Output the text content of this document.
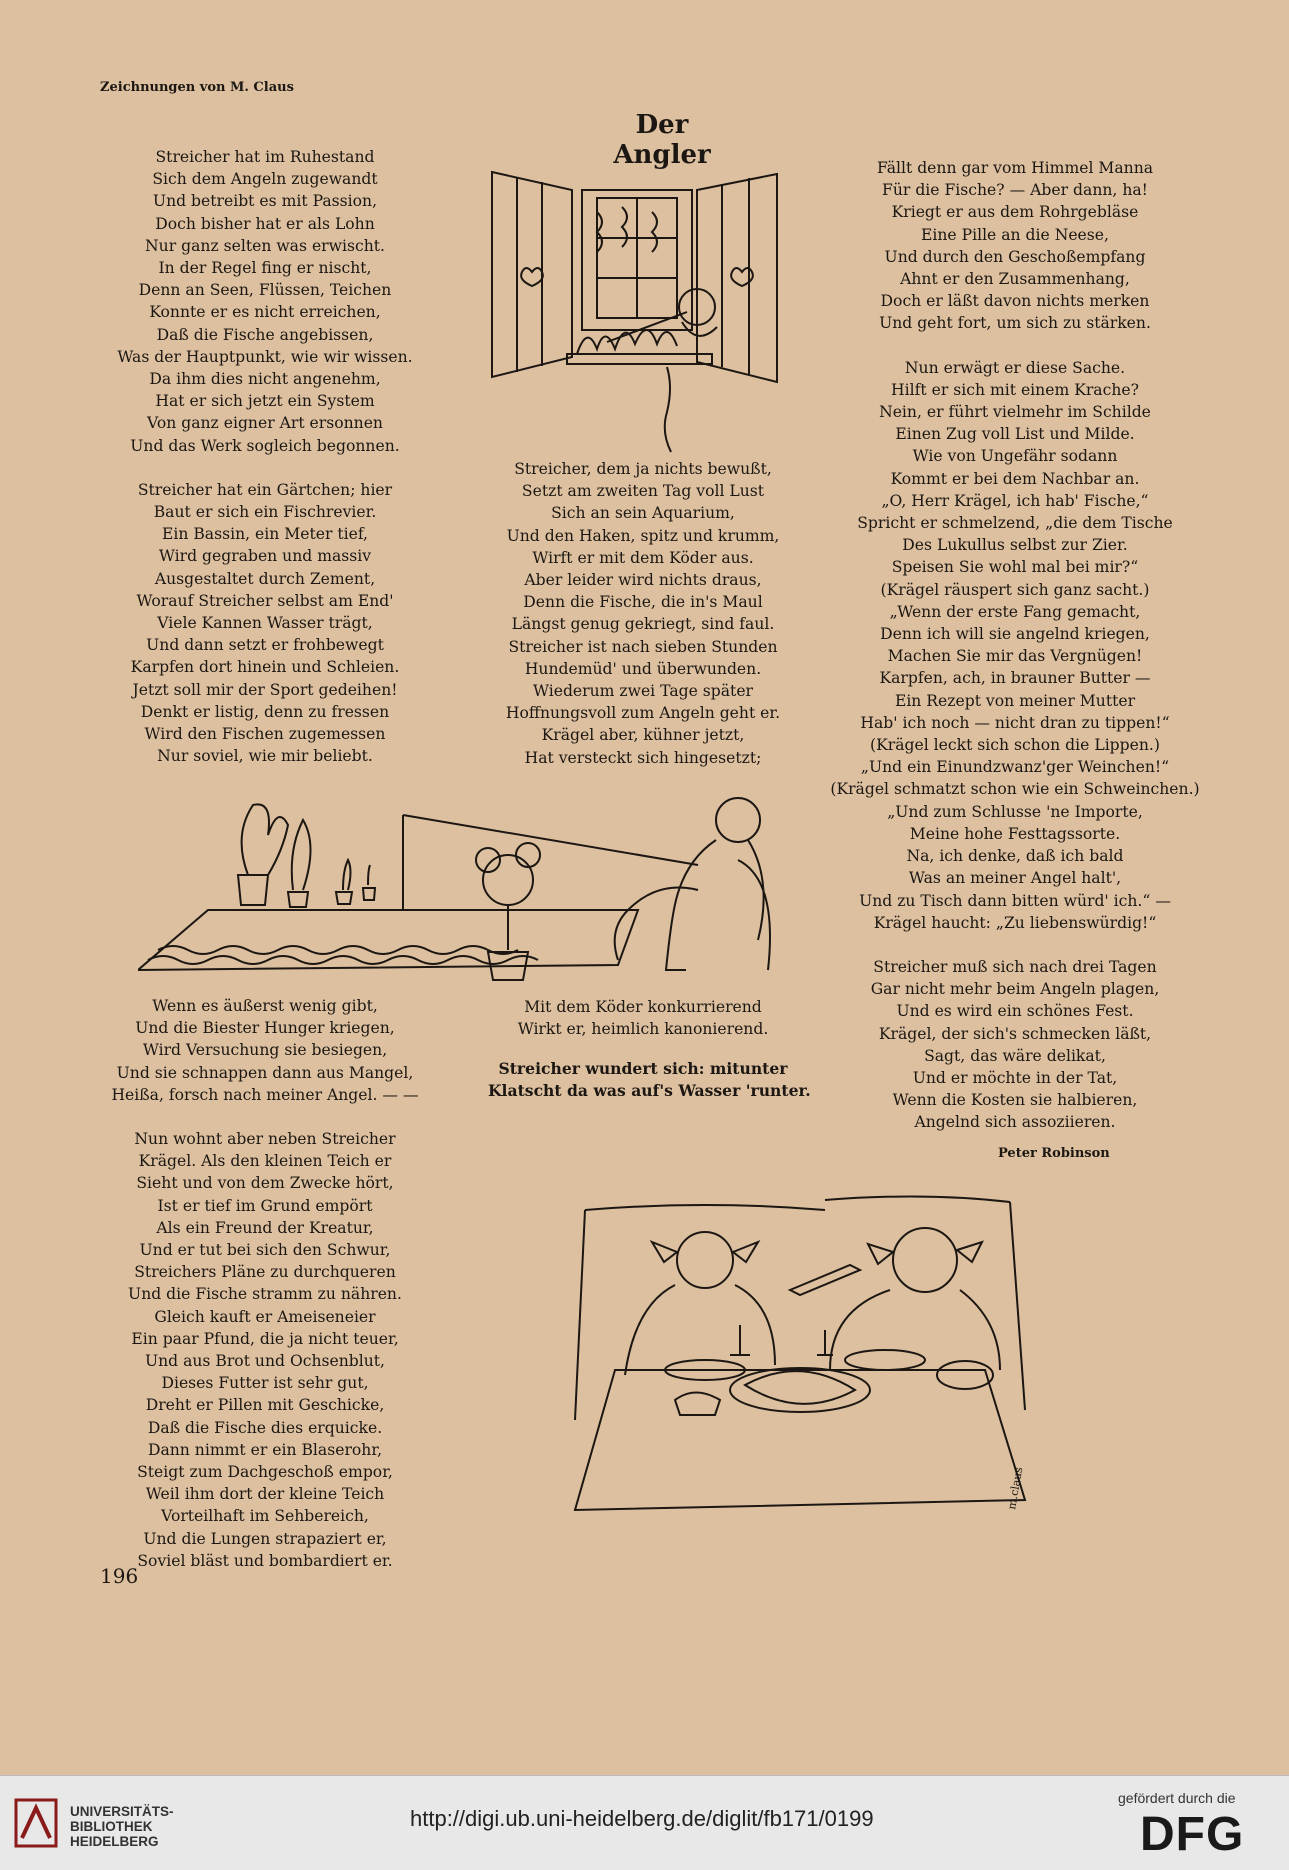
Zeichnungen von M. Claus
Der Angler
Streicher hat im Ruhestand
Sich dem Angeln zugewandt
Und betreibt es mit Passion,
Doch bisher hat er als Lohn
Nur ganz selten was erwischt.
In der Regel fing er nischt,
Denn an Seen, Flüssen, Teichen
Konnte er es nicht erreichen,
Daß die Fische angebissen,
Was der Hauptpunkt, wie wir wissen.
Da ihm dies nicht angenehm,
Hat er sich jetzt ein System
Von ganz eigner Art ersonnen
Und das Werk sogleich begonnen.
Streicher hat ein Gärtchen; hier
Baut er sich ein Fischrevier.
Ein Bassin, ein Meter tief,
Wird gegraben und massiv
Ausgestaltet durch Zement,
Worauf Streicher selbst am End'
Viele Kannen Wasser trägt,
Und dann setzt er frohbewegt
Karpfen dort hinein und Schleien.
Jetzt soll mir der Sport gedeihen!
Denkt er listig, denn zu fressen
Wird den Fischen zugemessen
Nur soviel, wie mir beliebt.
Streicher, dem ja nichts bewußt,
Setzt am zweiten Tag voll Lust
Sich an sein Aquarium,
Und den Haken, spitz und krumm,
Wirft er mit dem Köder aus.
Aber leider wird nichts draus,
Denn die Fische, die in's Maul
Längst genug gekriegt, sind faul.
Streicher ist nach sieben Stunden
Hundemüd' und überwunden.
Wiederum zwei Tage später
Hoffnungsvoll zum Angeln geht er.
Krägel aber, kühner jetzt,
Hat versteckt sich hingesetzt;
Fällt denn gar vom Himmel Manna
Für die Fische? — Aber dann, ha!
Kriegt er aus dem Rohrgebläse
Eine Pille an die Neese,
Und durch den Geschoßempfang
Ahnt er den Zusammenhang,
Doch er läßt davon nichts merken
Und geht fort, um sich zu stärken.
Nun erwägt er diese Sache.
Hilft er sich mit einem Krache?
Nein, er führt vielmehr im Schilde
Einen Zug voll List und Milde.
Wie von Ungefähr sodann
Kommt er bei dem Nachbar an.
„O, Herr Krägel, ich hab' Fische,“
Spricht er schmelzend, „die dem Tische
Des Lukullus selbst zur Zier.
Speisen Sie wohl mal bei mir?“
(Krägel räuspert sich ganz sacht.)
„Wenn der erste Fang gemacht,
Denn ich will sie angelnd kriegen,
Machen Sie mir das Vergnügen!
Karpfen, ach, in brauner Butter —
Ein Rezept von meiner Mutter
Hab' ich noch — nicht dran zu tippen!“
(Krägel leckt sich schon die Lippen.)
„Und ein Einundzwanz'ger Weinchen!“
(Krägel schmatzt schon wie ein Schweinchen.)
„Und zum Schlusse 'ne Importe,
Meine hohe Festtagssorte.
Na, ich denke, daß ich bald
Was an meiner Angel halt',
Und zu Tisch dann bitten würd' ich.“ —
Krägel haucht: „Zu liebenswürdig!“
Streicher muß sich nach drei Tagen
Gar nicht mehr beim Angeln plagen,
Und es wird ein schönes Fest.
Krägel, der sich's schmecken läßt,
Sagt, das wäre delikat,
Und er möchte in der Tat,
Wenn die Kosten sie halbieren,
Angelnd sich assoziieren.
Wenn es äußerst wenig gibt,
Und die Biester Hunger kriegen,
Wird Versuchung sie besiegen,
Und sie schnappen dann aus Mangel,
Heißa, forsch nach meiner Angel. — —
Nun wohnt aber neben Streicher
Krägel. Als den kleinen Teich er
Sieht und von dem Zwecke hört,
Ist er tief im Grund empört
Als ein Freund der Kreatur,
Und er tut bei sich den Schwur,
Streichers Pläne zu durchqueren
Und die Fische stramm zu nähren.
Gleich kauft er Ameiseneier
Ein paar Pfund, die ja nicht teuer,
Und aus Brot und Ochsenblut,
Dieses Futter ist sehr gut,
Dreht er Pillen mit Geschicke,
Daß die Fische dies erquicke.
Dann nimmt er ein Blaserohr,
Steigt zum Dachgeschoß empor,
Weil ihm dort der kleine Teich
Vorteilhaft im Sehbereich,
Und die Lungen strapaziert er,
Soviel bläst und bombardiert er.
Mit dem Köder konkurrierend
Wirkt er, heimlich kanonierend.
Streicher wundert sich: mitunter
Klatscht da was auf's Wasser 'runter.
Peter Robinson
m.claus
196
UNIVERSITÄTS-
BIBLIOTHEK
HEIDELBERG
http://digi.ub.uni-heidelberg.de/diglit/fb171/0199
gefördert durch die
DFG
